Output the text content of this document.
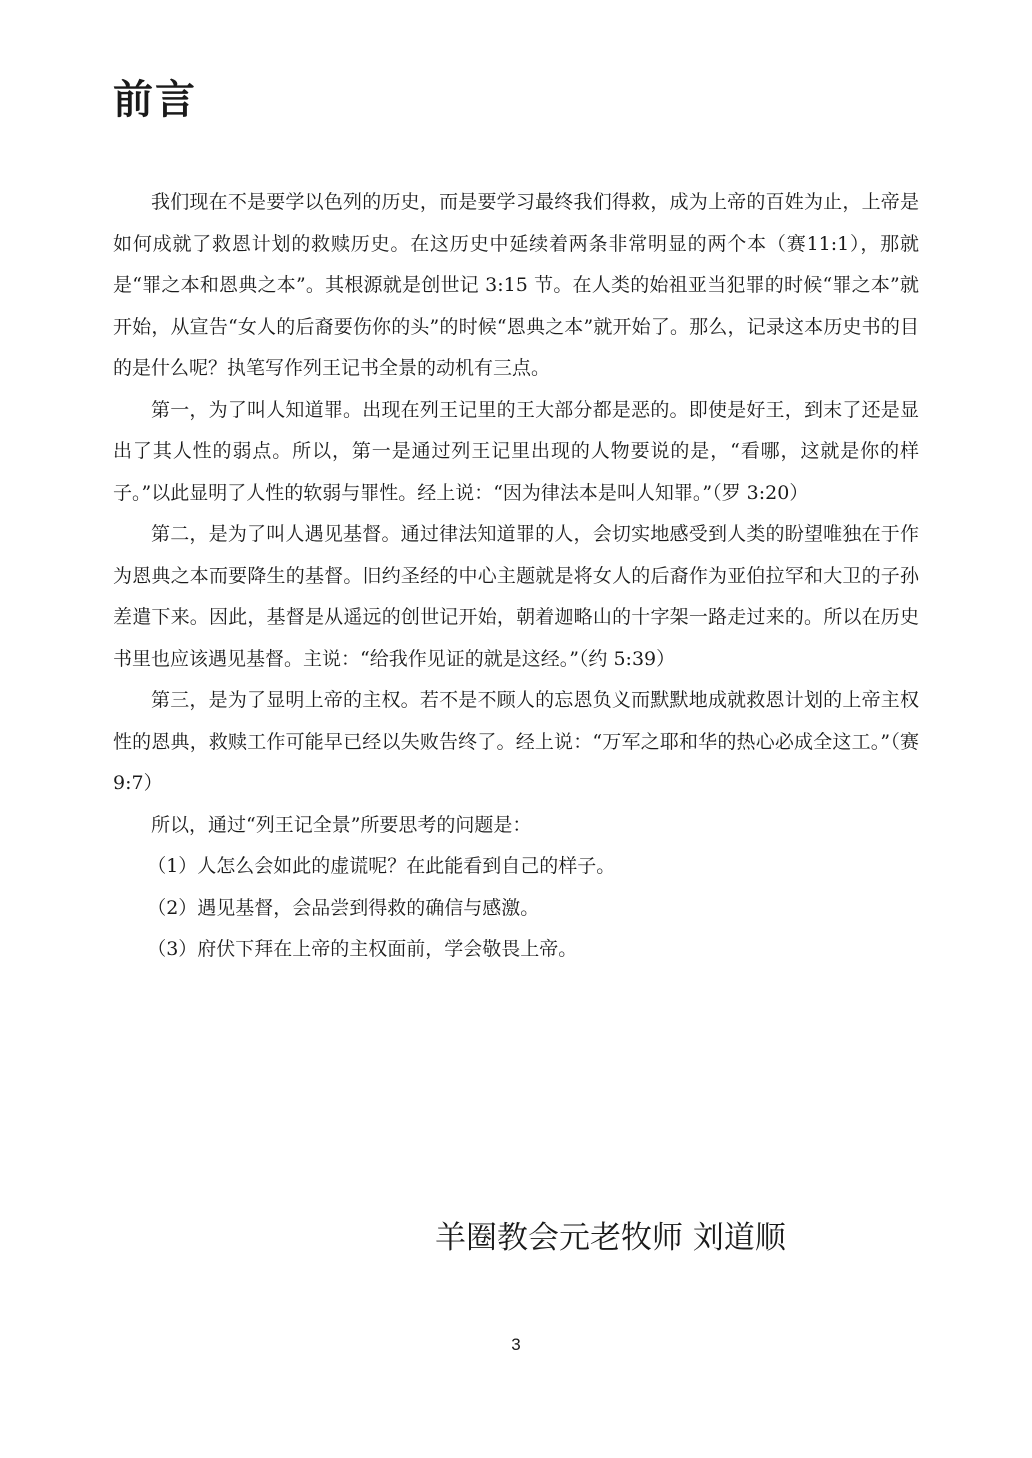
前言

我们现在不是要学以色列的历史，而是要学习最终我们得救，成为上帝的百姓为止，上帝是如何成就了救恩计划的救赎历史。在这历史中延续着两条非常明显的两个本（赛11:1），那就是“罪之本和恩典之本”。其根源就是创世记 3:15 节。在人类的始祖亚当犯罪的时候“罪之本”就开始，从宣告“女人的后裔要伤你的头”的时候“恩典之本”就开始了。那么，记录这本历史书的目的是什么呢？执笔写作列王记书全景的动机有三点。

第一，为了叫人知道罪。出现在列王记里的王大部分都是恶的。即使是好王，到末了还是显出了其人性的弱点。所以，第一是通过列王记里出现的人物要说的是，“看哪，这就是你的样子。”以此显明了人性的软弱与罪性。经上说：“因为律法本是叫人知罪。”（罗 3:20）

第二，是为了叫人遇见基督。通过律法知道罪的人，会切实地感受到人类的盼望唯独在于作为恩典之本而要降生的基督。旧约圣经的中心主题就是将女人的后裔作为亚伯拉罕和大卫的子孙差遣下来。因此，基督是从遥远的创世记开始，朝着迦略山的十字架一路走过来的。所以在历史书里也应该遇见基督。主说：“给我作见证的就是这经。”（约 5:39）

第三，是为了显明上帝的主权。若不是不顾人的忘恩负义而默默地成就救恩计划的上帝主权性的恩典，救赎工作可能早已经以失败告终了。经上说：“万军之耶和华的热心必成全这工。”（赛 9:7）

所以，通过“列王记全景”所要思考的问题是：

（1）人怎么会如此的虚谎呢？在此能看到自己的样子。

（2）遇见基督，会品尝到得救的确信与感激。

（3）府伏下拜在上帝的主权面前，学会敬畏上帝。

羊圈教会元老牧师 刘道顺
3
